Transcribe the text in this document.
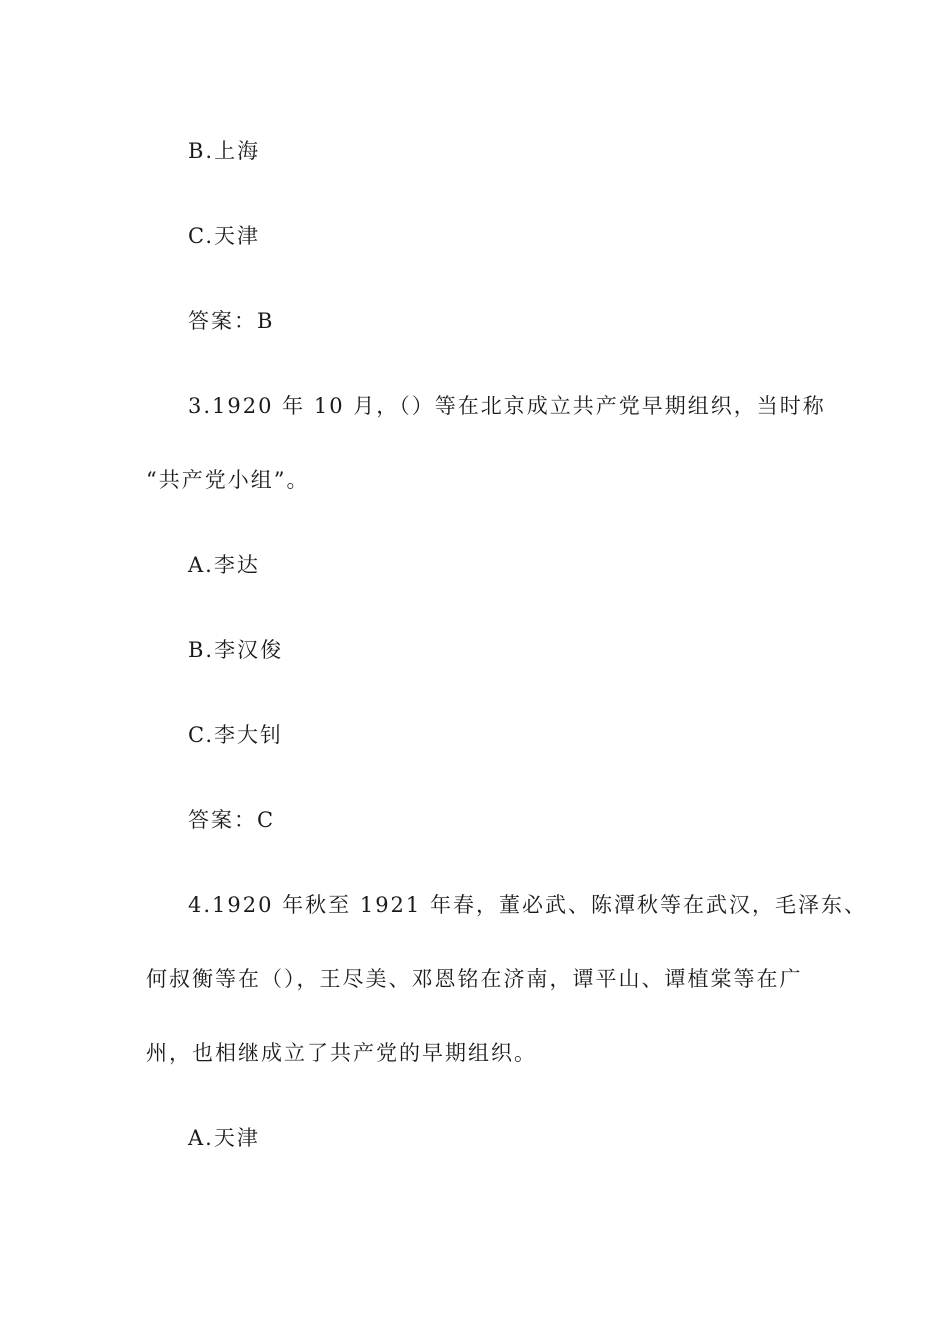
B.上海
C.天津
答案：B
3.1920 年 10 月，（）等在北京成立共产党早期组织，当时称
“共产党小组”。
A.李达
B.李汉俊
C.李大钊
答案：C
4.1920 年秋至 1921 年春，董必武、陈潭秋等在武汉，毛泽东、
何叔衡等在（），王尽美、邓恩铭在济南，谭平山、谭植棠等在广
州，也相继成立了共产党的早期组织。
A.天津
